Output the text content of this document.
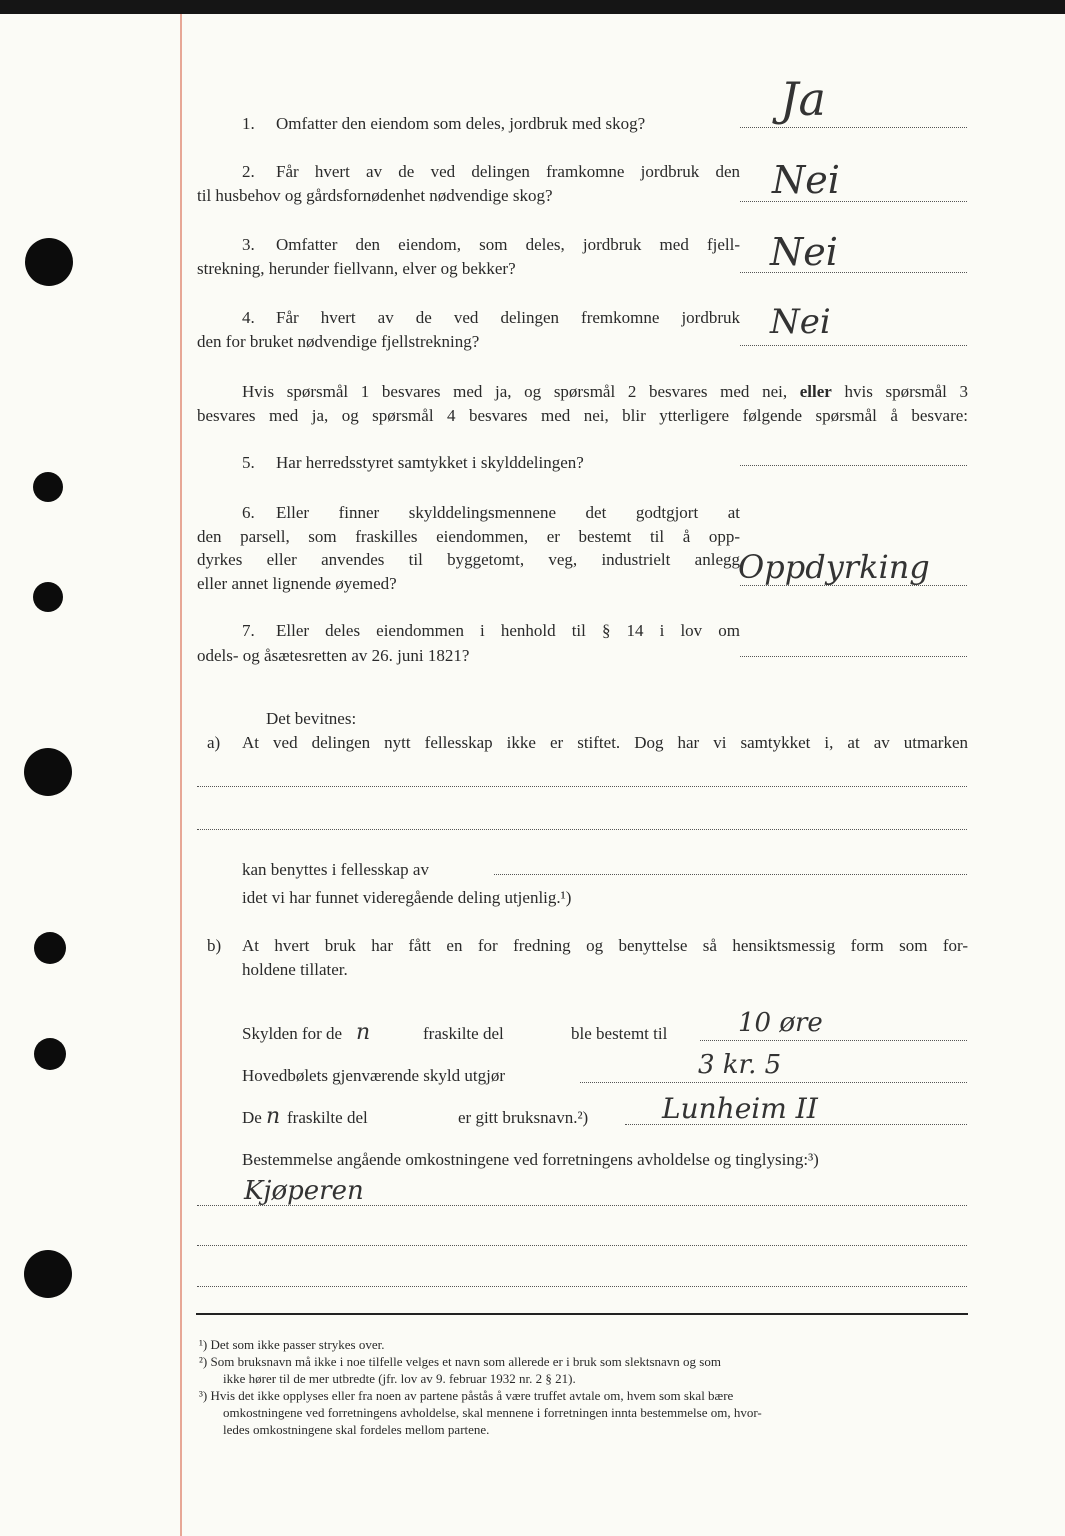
1. Omfatter den eiendom som deles, jordbruk med skog?	Ja
2. Får hvert av de ved delingen framkomne jordbruk den
til husbehov og gårdsfornødenhet nødvendige skog?	Nei
3. Omfatter den eiendom, som deles, jordbruk med fjell-
strekning, herunder fiellvann, elver og bekker?	Nei
4. Får hvert av de ved delingen fremkomne jordbruk
den for bruket nødvendige fjellstrekning?	Nei
Hvis spørsmål 1 besvares med ja, og spørsmål 2 besvares med nei, eller hvis spørsmål 3
besvares med ja, og spørsmål 4 besvares med nei, blir ytterligere følgende spørsmål å besvare:
5. Har herredsstyret samtykket i skylddelingen?
6. Eller finner skylddelingsmennene det godtgjort at
den parsell, som fraskilles eiendommen, er bestemt til å opp-
dyrkes eller anvendes til byggetomt, veg, industrielt anlegg
eller annet lignende øyemed?	Oppdyrking
7. Eller deles eiendommen i henhold til § 14 i lov om
odels- og åsætesretten av 26. juni 1821?
Det bevitnes:
a) At ved delingen nytt fellesskap ikke er stiftet. Dog har vi samtykket i, at av utmarken
kan benyttes i fellesskap av
idet vi har funnet videregående deling utjenlig.¹)
b) At hvert bruk har fått en for fredning og benyttelse så hensiktsmessig form som for-
holdene tillater.
Skylden for de n	fraskilte del	ble bestemt til	10 øre
Hovedbølets gjenværende skyld utgjør	3 kr. 5
De n fraskilte del	er gitt bruksnavn.²)	Lunheim II
Bestemmelse angående omkostningene ved forretningens avholdelse og tinglysing:³)
Kjøperen
¹) Det som ikke passer strykes over.
²) Som bruksnavn må ikke i noe tilfelle velges et navn som allerede er i bruk som slektsnavn og som
ikke hører til de mer utbredte (jfr. lov av 9. februar 1932 nr. 2 § 21).
³) Hvis det ikke opplyses eller fra noen av partene påstås å være truffet avtale om, hvem som skal bære
omkostningene ved forretningens avholdelse, skal mennene i forretningen innta bestemmelse om, hvor-
ledes omkostningene skal fordeles mellom partene.
